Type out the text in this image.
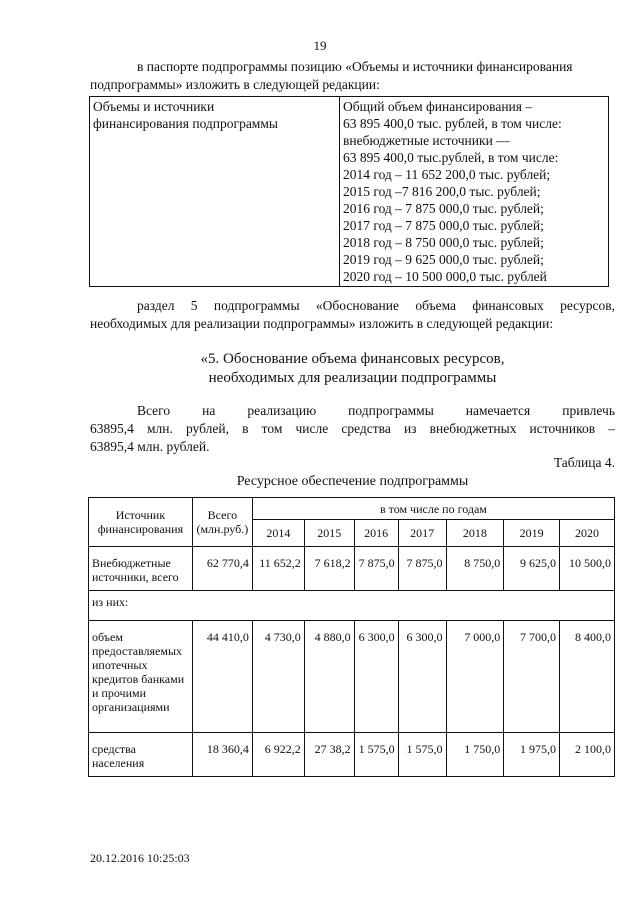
19
в паспорте подпрограммы позицию «Объемы и источники финансирования
подпрограммы» изложить в следующей редакции:
Объемы и источники
финансирования подпрограммы

Общий объем финансирования –
63 895 400,0 тыс. рублей, в том числе:
внебюджетные источники —
63 895 400,0 тыс.рублей, в том числе:
2014 год – 11 652 200,0 тыс. рублей;
2015 год –7 816 200,0 тыс. рублей;
2016 год – 7 875 000,0 тыс. рублей;
2017 год – 7 875 000,0 тыс. рублей;
2018 год – 8 750 000,0 тыс. рублей;
2019 год – 9 625 000,0 тыс. рублей;
2020 год – 10 500 000,0 тыс. рублей
раздел 5 подпрограммы «Обоснование объема финансовых ресурсов,
необходимых для реализации подпрограммы» изложить в следующей редакции:
«5. Обоснование объема финансовых ресурсов,
необходимых для реализации подпрограммы
Всего на реализацию подпрограммы намечается привлечь
63895,4 млн. рублей, в том числе средства из внебюджетных источников –
63895,4 млн. рублей.
Таблица 4.
Ресурсное обеспечение подпрограммы
Источник финансирования	Всего (млн.руб.)	в том числе по годам						
		2014	2015	2016	2017	2018	2019	2020
Внебюджетные источники, всего	62 770,4	11 652,2	7 618,2	7 875,0	7 875,0	8 750,0	9 625,0	10 500,0
из них:								
объем предоставляемых ипотечных кредитов банками и прочими организациями	44 410,0	4 730,0	4 880,0	6 300,0	6 300,0	7 000,0	7 700,0	8 400,0
средства населения	18 360,4	6 922,2	27 38,2	1 575,0	1 575,0	1 750,0	1 975,0	2 100,0
20.12.2016 10:25:03
